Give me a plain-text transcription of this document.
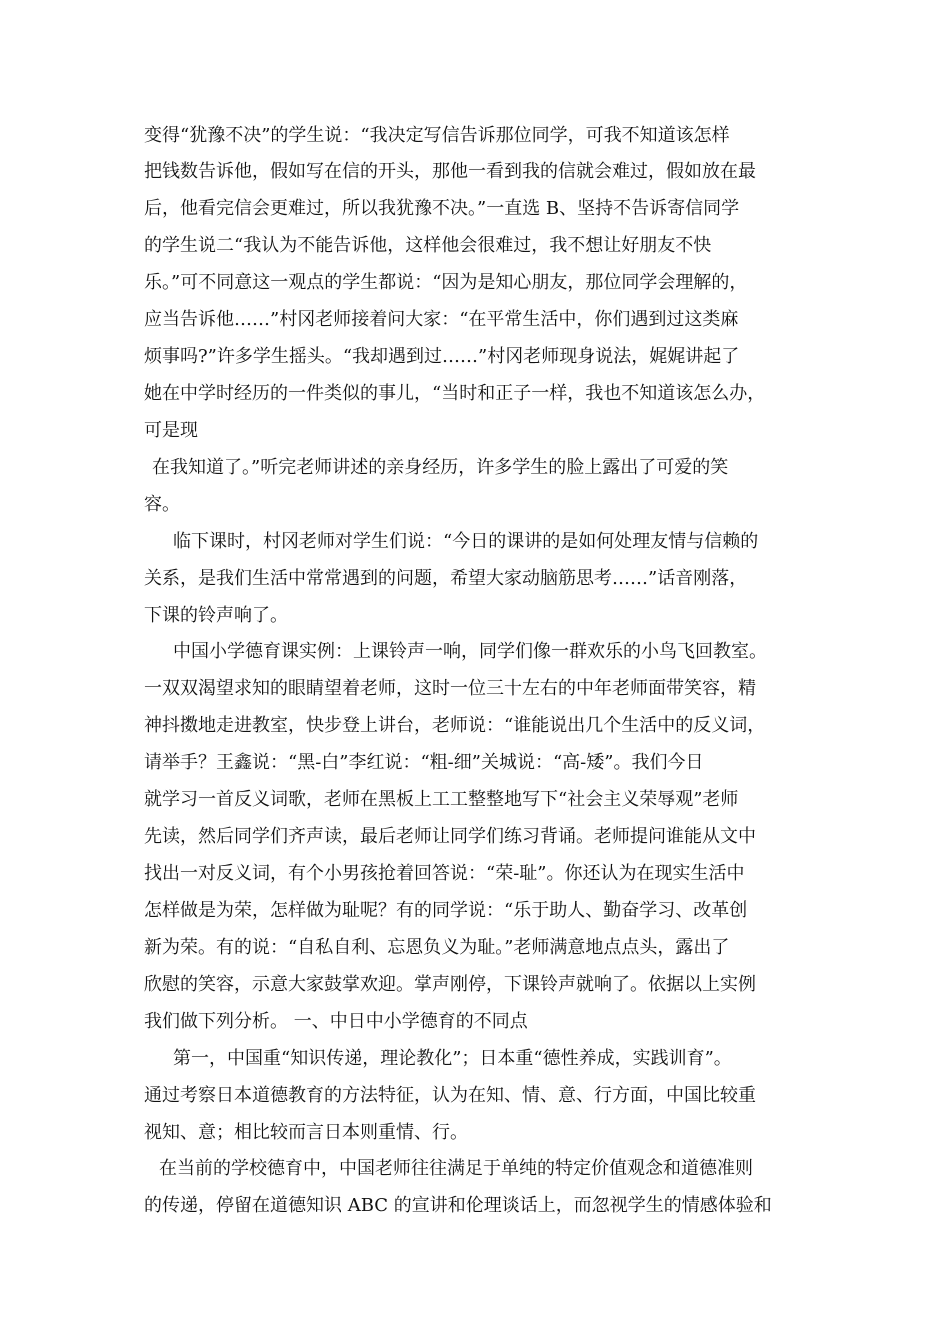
变得“犹豫不决”的学生说：“我决定写信告诉那位同学，可我不知道该怎样
把钱数告诉他，假如写在信的开头，那他一看到我的信就会难过，假如放在最
后，他看完信会更难过，所以我犹豫不决。”一直选 B、坚持不告诉寄信同学
的学生说二“我认为不能告诉他，这样他会很难过，我不想让好朋友不快
乐。”可不同意这一观点的学生都说：“因为是知心朋友，那位同学会理解的，
应当告诉他……”村冈老师接着问大家：“在平常生活中，你们遇到过这类麻
烦事吗?”许多学生摇头。“我却遇到过……”村冈老师现身说法，娓娓讲起了
她在中学时经历的一件类似的事儿，“当时和正子一样，我也不知道该怎么办，
可是现
在我知道了。”听完老师讲述的亲身经历，许多学生的脸上露出了可爱的笑
容。
临下课时，村冈老师对学生们说：“今日的课讲的是如何处理友情与信赖的
关系，是我们生活中常常遇到的问题，希望大家动脑筋思考……”话音刚落，
下课的铃声响了。
中国小学德育课实例：上课铃声一响，同学们像一群欢乐的小鸟飞回教室。
一双双渴望求知的眼睛望着老师，这时一位三十左右的中年老师面带笑容，精
神抖擞地走进教室，快步登上讲台，老师说：“谁能说出几个生活中的反义词，
请举手？王鑫说：“黑-白”李红说：“粗-细”关城说：“高-矮”。我们今日
就学习一首反义词歌，老师在黑板上工工整整地写下“社会主义荣辱观”老师
先读，然后同学们齐声读，最后老师让同学们练习背诵。老师提问谁能从文中
找出一对反义词，有个小男孩抢着回答说：“荣-耻”。你还认为在现实生活中
怎样做是为荣，怎样做为耻呢？有的同学说：“乐于助人、勤奋学习、改革创
新为荣。有的说：“自私自利、忘恩负义为耻。”老师满意地点点头，露出了
欣慰的笑容，示意大家鼓掌欢迎。掌声刚停，下课铃声就响了。依据以上实例
我们做下列分析。 一、中日中小学德育的不同点
第一，中国重“知识传递，理论教化”；日本重“德性养成，实践训育”。
通过考察日本道德教育的方法特征，认为在知、情、意、行方面，中国比较重
视知、意；相比较而言日本则重情、行。
在当前的学校德育中，中国老师往往满足于单纯的特定价值观念和道德准则
的传递，停留在道德知识 ABC 的宣讲和伦理谈话上，而忽视学生的情感体验和
